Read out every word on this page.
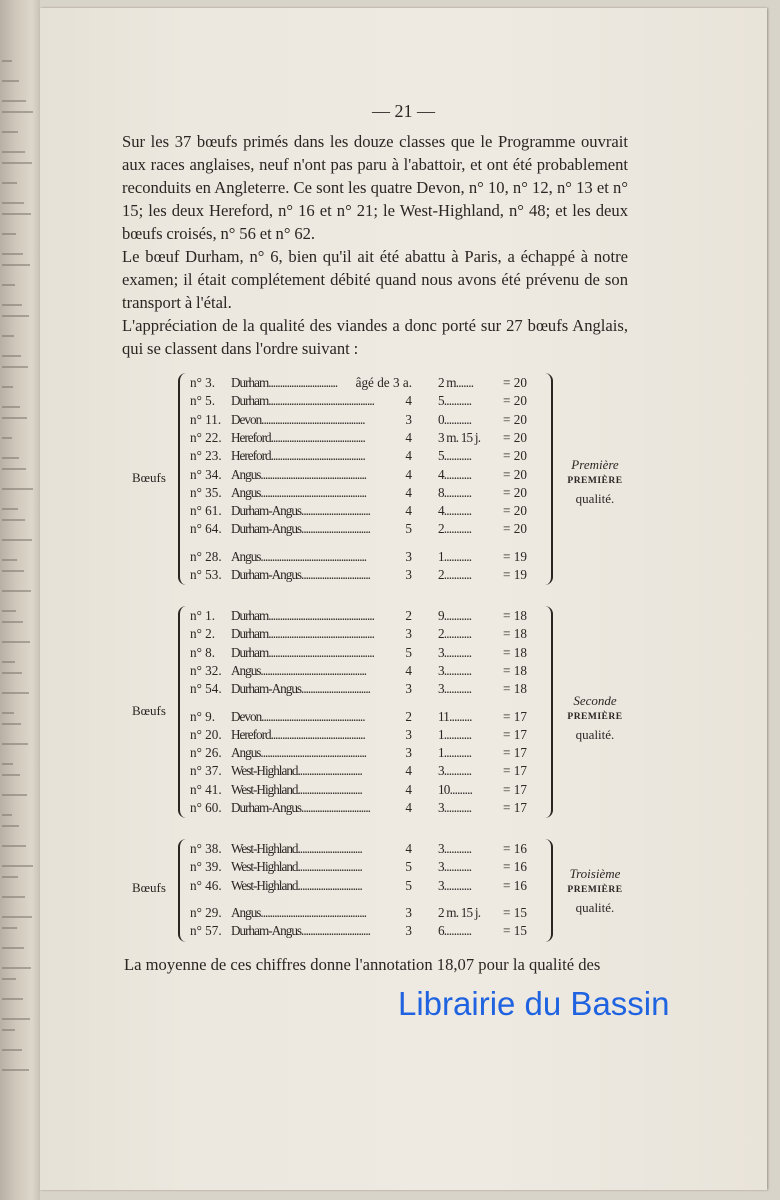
— 21 —

Sur les 37 bœufs primés dans les douze classes que le Programme ouvrait aux races anglaises, neuf n'ont pas paru à l'abattoir, et ont été probablement reconduits en Angleterre. Ce sont les quatre Devon, n° 10, n° 12, n° 13 et n° 15; les deux Hereford, n° 16 et n° 21; le West-Highland, n° 48; et les deux bœufs croisés, n° 56 et n° 62.

Le bœuf Durham, n° 6, bien qu'il ait été abattu à Paris, a échappé à notre examen; il était complétement débité quand nous avons été prévenu de son transport à l'étal.

L'appréciation de la qualité des viandes a donc porté sur 27 bœufs Anglais, qui se classent dans l'ordre suivant :

n° 3. Durham.............................. âgé de 3 a. 2 m....... = 20
n° 5. Durham.............................................. 4 5........... = 20
n° 11. Devon.............................................	3 0........... = 20
n° 22. Hereford.........................................	4 3 m. 15 j. = 20
n° 23. Hereford.........................................	4 5........... = 20
n° 34. Angus..............................................	4 4........... = 20
n° 35. Angus..............................................	4 8........... = 20
n° 61. Durham-Angus..............................	4 4........... = 20
n° 64. Durham-Angus..............................	5 2........... = 20
n° 28. Angus..............................................	3 1........... = 19
n° 53. Durham-Angus..............................	3 2........... = 19
Bœufs
Première
PREMIÈRE
qualité.
n° 1. Durham.............................................. 2 9........... = 18
n° 2. Durham.............................................. 3 2........... = 18
n° 8. Durham.............................................. 5 3........... = 18
n° 32. Angus..............................................	4 3........... = 18
n° 54. Durham-Angus..............................	3 3........... = 18
n° 9. Devon.............................................	2 11......... = 17
n° 20. Hereford.........................................	3 1........... = 17
n° 26. Angus..............................................	3 1........... = 17
n° 37. West-Highland............................	4 3........... = 17
n° 41. West-Highland............................	4 10......... = 17
n° 60. Durham-Angus..............................	4 3........... = 17
Bœufs
Seconde
PREMIÈRE
qualité.
n° 38. West-Highland............................	4 3........... = 16
n° 39. West-Highland............................	5 3........... = 16
n° 46. West-Highland............................	5 3........... = 16
n° 29. Angus..............................................	3 2 m. 15 j. = 15
n° 57. Durham-Angus..............................	3 6........... = 15
Bœufs
Troisième
PREMIÈRE
qualité.

La moyenne de ces chiffres donne l'annotation 18,07 pour la qualité des

Librairie du Bassin
